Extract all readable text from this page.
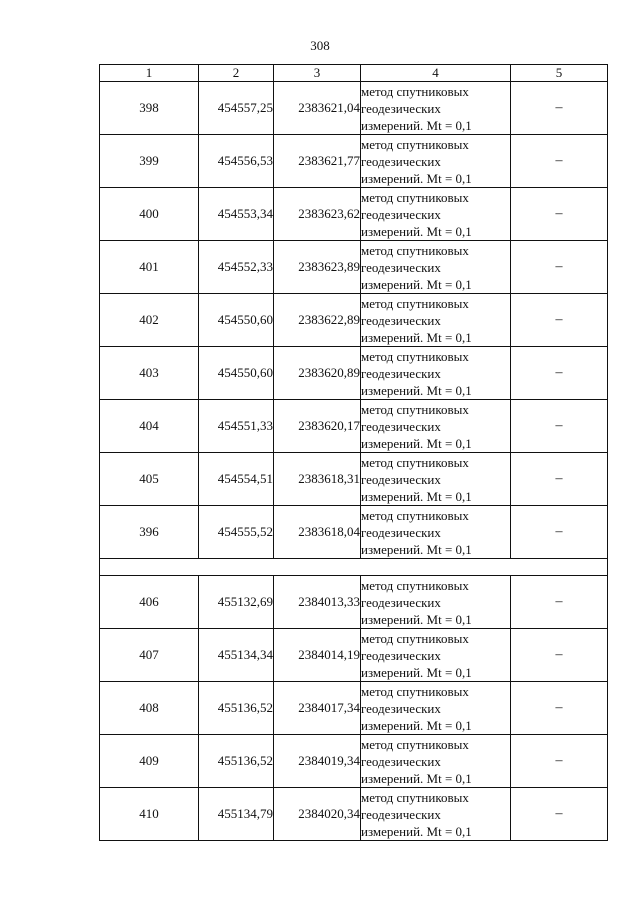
308
1	2	3	4	5
398	454557,25	2383621,04	метод спутниковых
геодезических
измерений. Mt = 0,1	–
399	454556,53	2383621,77	метод спутниковых
геодезических
измерений. Mt = 0,1	–
400	454553,34	2383623,62	метод спутниковых
геодезических
измерений. Mt = 0,1	–
401	454552,33	2383623,89	метод спутниковых
геодезических
измерений. Mt = 0,1	–
402	454550,60	2383622,89	метод спутниковых
геодезических
измерений. Mt = 0,1	–
403	454550,60	2383620,89	метод спутниковых
геодезических
измерений. Mt = 0,1	–
404	454551,33	2383620,17	метод спутниковых
геодезических
измерений. Mt = 0,1	–
405	454554,51	2383618,31	метод спутниковых
геодезических
измерений. Mt = 0,1	–
396	454555,52	2383618,04	метод спутниковых
геодезических
измерений. Mt = 0,1	–

406	455132,69	2384013,33	метод спутниковых
геодезических
измерений. Mt = 0,1	–
407	455134,34	2384014,19	метод спутниковых
геодезических
измерений. Mt = 0,1	–
408	455136,52	2384017,34	метод спутниковых
геодезических
измерений. Mt = 0,1	–
409	455136,52	2384019,34	метод спутниковых
геодезических
измерений. Mt = 0,1	–
410	455134,79	2384020,34	метод спутниковых
геодезических
измерений. Mt = 0,1	–
